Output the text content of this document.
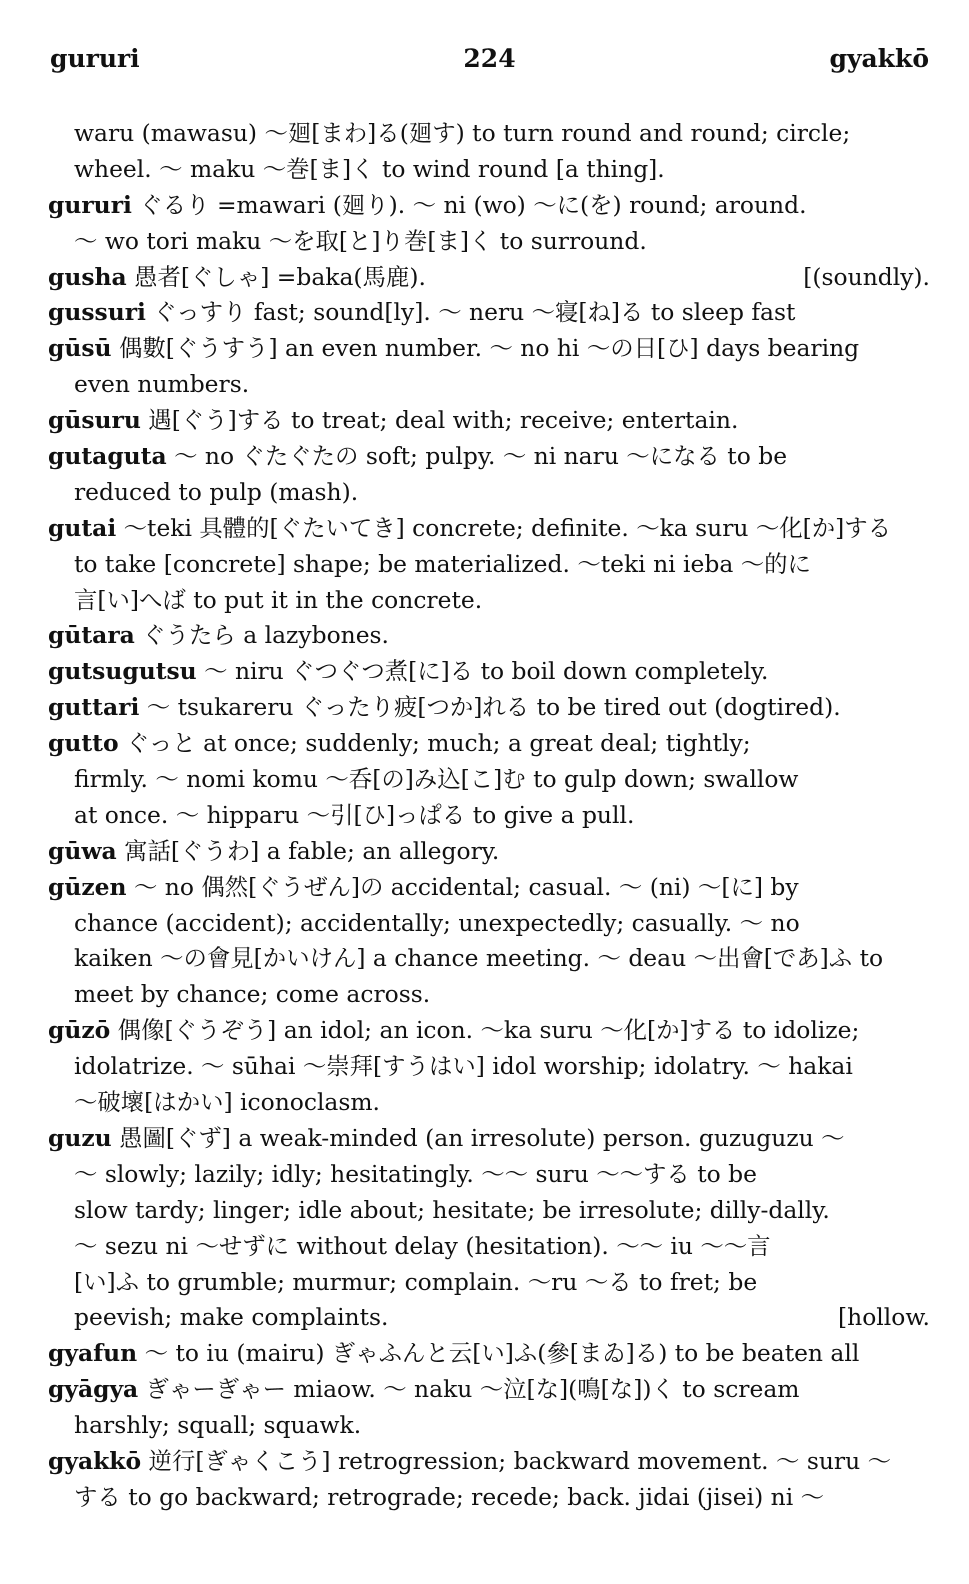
gururi	224	gyakkō
waru (mawasu) ～廻[まわ]る(廻す) to turn round and round; circle;
wheel. ～ maku ～巻[ま]く to wind round [a thing].
gururi ぐるり =mawari (廻り). ～ ni (wo) ～に(を) round; around.
～ wo tori maku ～を取[と]り巻[ま]く to surround.
gusha 愚者[ぐしゃ] =baka(馬鹿).	[(soundly).
gussuri ぐっすり fast; sound[ly]. ～ neru ～寝[ね]る to sleep fast
gūsū 偶數[ぐうすう] an even number. ～ no hi ～の日[ひ] days bearing
even numbers.
gūsuru 遇[ぐう]する to treat; deal with; receive; entertain.
gutaguta ～ no ぐたぐたの soft; pulpy. ～ ni naru ～になる to be
reduced to pulp (mash).
gutai ～teki 具體的[ぐたいてき] concrete; definite. ～ka suru ～化[か]する
to take [concrete] shape; be materialized. ～teki ni ieba ～的に
言[い]へば to put it in the concrete.
gūtara ぐうたら a lazybones.
gutsugutsu ～ niru ぐつぐつ煮[に]る to boil down completely.
guttari ～ tsukareru ぐったり疲[つか]れる to be tired out (dogtired).
gutto ぐっと at once; suddenly; much; a great deal; tightly;
firmly. ～ nomi komu ～呑[の]み込[こ]む to gulp down; swallow
at once. ～ hipparu ～引[ひ]っぱる to give a pull.
gūwa 寓話[ぐうわ] a fable; an allegory.
gūzen ～ no 偶然[ぐうぜん]の accidental; casual. ～ (ni) ～[に] by
chance (accident); accidentally; unexpectedly; casually. ～ no
kaiken ～の會見[かいけん] a chance meeting. ～ deau ～出會[であ]ふ to
meet by chance; come across.
gūzō 偶像[ぐうぞう] an idol; an icon. ～ka suru ～化[か]する to idolize;
idolatrize. ～ sūhai ～崇拜[すうはい] idol worship; idolatry. ～ hakai
～破壞[はかい] iconoclasm.
guzu 愚圖[ぐず] a weak-minded (an irresolute) person. guzuguzu ～
～ slowly; lazily; idly; hesitatingly. ～～ suru ～～する to be
slow tardy; linger; idle about; hesitate; be irresolute; dilly-dally.
～ sezu ni ～せずに without delay (hesitation). ～～ iu ～～言
[い]ふ to grumble; murmur; complain. ～ru ～る to fret; be
peevish; make complaints.	[hollow.
gyafun ～ to iu (mairu) ぎゃふんと云[い]ふ(參[まゐ]る) to be beaten all
gyāgya ぎゃーぎゃー miaow. ～ naku ～泣[な](鳴[な])く to scream
harshly; squall; squawk.
gyakkō 逆行[ぎゃくこう] retrogression; backward movement. ～ suru ～
する to go backward; retrograde; recede; back. jidai (jisei) ni ～
